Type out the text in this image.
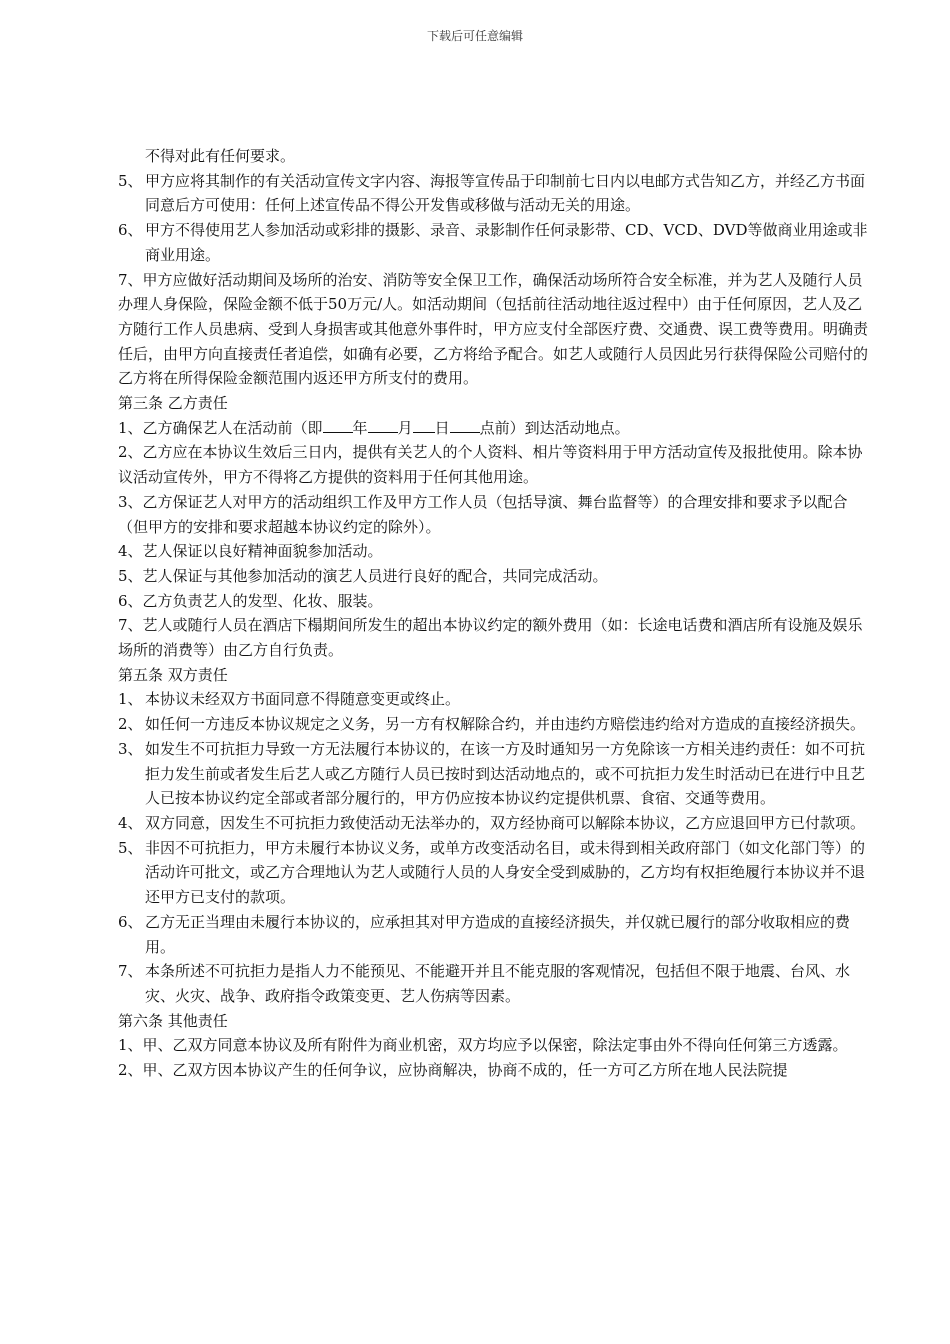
下载后可任意编辑

不得对此有任何要求。

5、 甲方应将其制作的有关活动宣传文字内容、海报等宣传品于印制前七日内以电邮方式告知乙方，并经乙方书面同意后方可使用：任何上述宣传品不得公开发售或移做与活动无关的用途。
6、 甲方不得使用艺人参加活动或彩排的摄影、录音、录影制作任何录影带、CD、VCD、DVD等做商业用途或非商业用途。

7、甲方应做好活动期间及场所的治安、消防等安全保卫工作，确保活动场所符合安全标准，并为艺人及随行人员办理人身保险，保险金额不低于50万元/人。如活动期间（包括前往活动地往返过程中）由于任何原因，艺人及乙方随行工作人员患病、受到人身损害或其他意外事件时，甲方应支付全部医疗费、交通费、误工费等费用。明确责任后，由甲方向直接责任者追偿，如确有必要，乙方将给予配合。如艺人或随行人员因此另行获得保险公司赔付的乙方将在所得保险金额范围内返还甲方所支付的费用。

第三条 乙方责任

1、乙方确保艺人在活动前（即 年 月 日 点前）到达活动地点。

2、乙方应在本协议生效后三日内，提供有关艺人的个人资料、相片等资料用于甲方活动宣传及报批使用。除本协议活动宣传外，甲方不得将乙方提供的资料用于任何其他用途。

3、乙方保证艺人对甲方的活动组织工作及甲方工作人员（包括导演、舞台监督等）的合理安排和要求予以配合（但甲方的安排和要求超越本协议约定的除外）。

4、艺人保证以良好精神面貌参加活动。

5、艺人保证与其他参加活动的演艺人员进行良好的配合，共同完成活动。

6、乙方负责艺人的发型、化妆、服装。

7、艺人或随行人员在酒店下榻期间所发生的超出本协议约定的额外费用（如：长途电话费和酒店所有设施及娱乐场所的消费等）由乙方自行负责。

第五条 双方责任

1、 本协议未经双方书面同意不得随意变更或终止。
2、 如任何一方违反本协议规定之义务，另一方有权解除合约，并由违约方赔偿违约给对方造成的直接经济损失。
3、 如发生不可抗拒力导致一方无法履行本协议的，在该一方及时通知另一方免除该一方相关违约责任：如不可抗拒力发生前或者发生后艺人或乙方随行人员已按时到达活动地点的，或不可抗拒力发生时活动已在进行中且艺人已按本协议约定全部或者部分履行的，甲方仍应按本协议约定提供机票、食宿、交通等费用。
4、 双方同意，因发生不可抗拒力致使活动无法举办的，双方经协商可以解除本协议，乙方应退回甲方已付款项。
5、 非因不可抗拒力，甲方未履行本协议义务，或单方改变活动名目，或未得到相关政府部门（如文化部门等）的活动许可批文，或乙方合理地认为艺人或随行人员的人身安全受到威胁的，乙方均有权拒绝履行本协议并不退还甲方已支付的款项。
6、 乙方无正当理由未履行本协议的，应承担其对甲方造成的直接经济损失，并仅就已履行的部分收取相应的费用。
7、 本条所述不可抗拒力是指人力不能预见、不能避开并且不能克服的客观情况，包括但不限于地震、台风、水灾、火灾、战争、政府指令政策变更、艺人伤病等因素。

第六条 其他责任

1、甲、乙双方同意本协议及所有附件为商业机密，双方均应予以保密，除法定事由外不得向任何第三方透露。

2、甲、乙双方因本协议产生的任何争议，应协商解决，协商不成的，任一方可乙方所在地人民法院提
